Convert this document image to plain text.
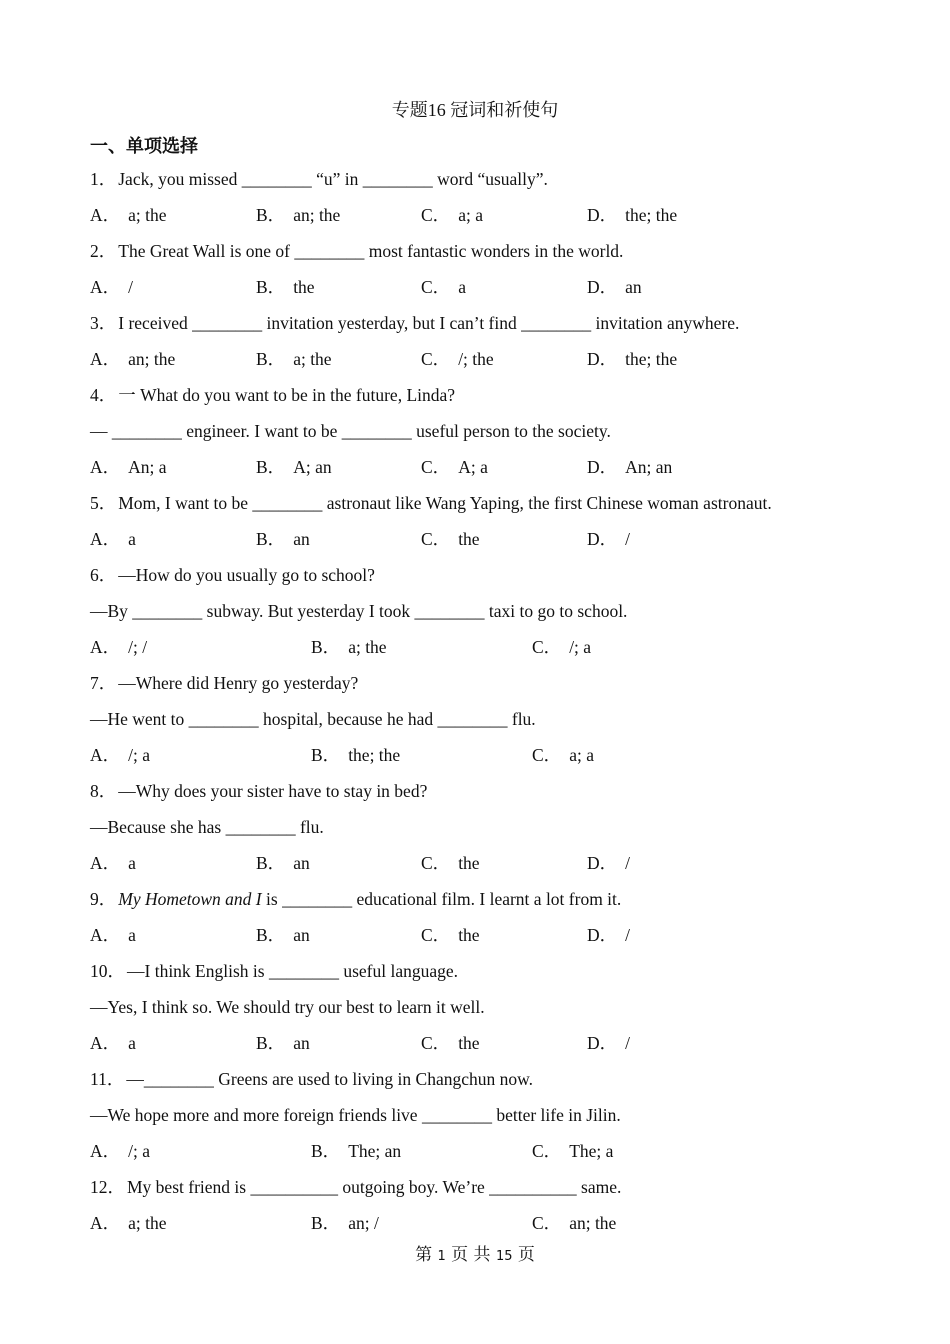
专题16 冠词和祈使句
一、单项选择
1． Jack, you missed ________ “u” in ________ word “usually”.
A． a; the	B． an; the	C． a; a	D． the; the
2． The Great Wall is one of ________ most fantastic wonders in the world.
A． /	B． the	C． a	D． an
3． I received ________ invitation yesterday, but I can’t find ________ invitation anywhere.
A． an; the	B． a; the	C． /; the	D． the; the
4． 一 What do you want to be in the future, Linda?
— ________ engineer. I want to be ________ useful person to the society.
A． An; a	B． A; an	C． A; a	D． An; an
5． Mom, I want to be ________ astronaut like Wang Yaping, the first Chinese woman astronaut.
A． a	B． an	C． the	D． /
6． —How do you usually go to school?
—By ________ subway. But yesterday I took ________ taxi to go to school.
A． /; /	B． a; the	C． /; a
7． —Where did Henry go yesterday?
—He went to ________ hospital, because he had ________ flu.
A． /; a	B． the; the	C． a; a
8． —Why does your sister have to stay in bed?
—Because she has ________ flu.
A． a	B． an	C． the	D． /
9． My Hometown and I is ________ educational film. I learnt a lot from it.
A． a	B． an	C． the	D． /
10． —I think English is ________ useful language.
—Yes, I think so. We should try our best to learn it well.
A． a	B． an	C． the	D． /
11． —________ Greens are used to living in Changchun now.
—We hope more and more foreign friends live ________ better life in Jilin.
A． /; a	B． The; an	C． The; a
12． My best friend is __________ outgoing boy. We’re __________ same.
A． a; the	B． an; /	C． an; the
第 1 页 共 15 页
